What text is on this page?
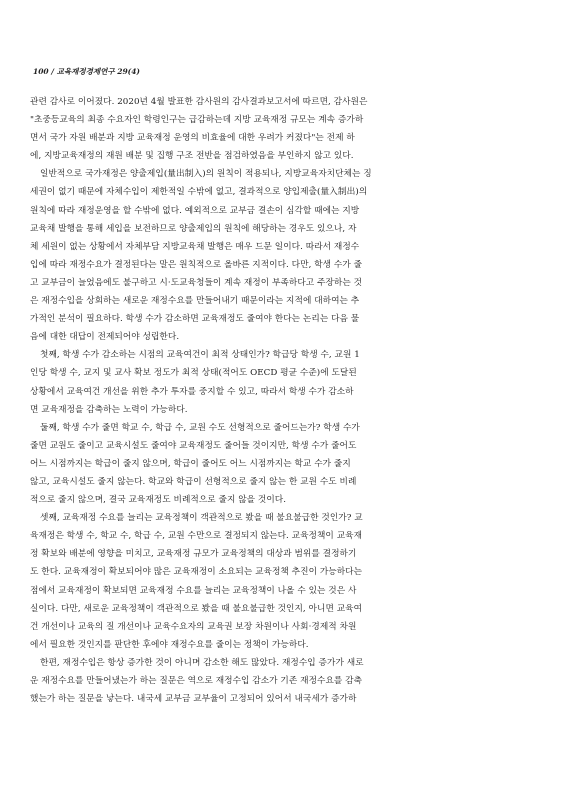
100 / 교육재정경제연구 29(4)
관련 감사로 이어졌다. 2020년 4월 발표한 감사원의 감사결과보고서에 따르면, 감사원은
"초중등교육의 최종 수요자인 학령인구는 급감하는데 지방 교육재정 규모는 계속 증가하
면서 국가 자원 배분과 지방 교육재정 운영의 비효율에 대한 우려가 커졌다"는 전제 하
에, 지방교육재정의 재원 배분 및 집행 구조 전반을 점검하였음을 부인하지 않고 있다.
일반적으로 국가재정은 양출제입(量出制入)의 원칙이 적용되나, 지방교육자치단체는 징
세권이 없기 때문에 자체수입이 제한적일 수밖에 없고, 결과적으로 양입제출(量入制出)의
원칙에 따라 재정운영을 할 수밖에 없다. 예외적으로 교부금 결손이 심각할 때에는 지방
교육채 발행을 통해 세입을 보전하므로 양출제입의 원칙에 해당하는 경우도 있으나, 자
체 세원이 없는 상황에서 자체부담 지방교육채 발행은 매우 드문 일이다. 따라서 재정수
입에 따라 재정수요가 결정된다는 말은 원칙적으로 올바른 지적이다. 다만, 학생 수가 줄
고 교부금이 늘었음에도 불구하고 시·도교육청들이 계속 재정이 부족하다고 주장하는 것
은 재정수입을 상회하는 새로운 재정수요를 만들어내기 때문이라는 지적에 대하여는 추
가적인 분석이 필요하다. 학생 수가 감소하면 교육재정도 줄여야 한다는 논리는 다음 물
음에 대한 대답이 전제되어야 성립한다.
첫째, 학생 수가 감소하는 시점의 교육여건이 최적 상태인가? 학급당 학생 수, 교원 1
인당 학생 수, 교지 및 교사 확보 정도가 최적 상태(적어도 OECD 평균 수준)에 도달된
상황에서 교육여건 개선을 위한 추가 투자를 중지할 수 있고, 따라서 학생 수가 감소하
면 교육재정을 감축하는 노력이 가능하다.
둘째, 학생 수가 줄면 학교 수, 학급 수, 교원 수도 선형적으로 줄어드는가? 학생 수가
줄면 교원도 줄이고 교육시설도 줄여야 교육재정도 줄어들 것이지만, 학생 수가 줄어도
어느 시점까지는 학급이 줄지 않으며, 학급이 줄어도 어느 시점까지는 학교 수가 줄지
않고, 교육시설도 줄지 않는다. 학교와 학급이 선형적으로 줄지 않는 한 교원 수도 비례
적으로 줄지 않으며, 결국 교육재정도 비례적으로 줄지 않을 것이다.
셋째, 교육재정 수요를 늘리는 교육정책이 객관적으로 봤을 때 불요불급한 것인가? 교
육재정은 학생 수, 학교 수, 학급 수, 교원 수만으로 결정되지 않는다. 교육정책이 교육재
정 확보와 배분에 영향을 미치고, 교육재정 규모가 교육정책의 대상과 범위를 결정하기
도 한다. 교육재정이 확보되어야 많은 교육재정이 소요되는 교육정책 추진이 가능하다는
점에서 교육재정이 확보되면 교육재정 수요를 늘리는 교육정책이 나올 수 있는 것은 사
실이다. 다만, 새로운 교육정책이 객관적으로 봤을 때 불요불급한 것인지, 아니면 교육여
건 개선이나 교육의 질 개선이나 교육수요자의 교육권 보장 차원이나 사회·경제적 차원
에서 필요한 것인지를 판단한 후에야 재정수요를 줄이는 정책이 가능하다.
한편, 재정수입은 항상 증가한 것이 아니며 감소한 해도 많았다. 재정수입 증가가 새로
운 재정수요를 만들어냈는가 하는 질문은 역으로 재정수입 감소가 기존 재정수요를 감축
했는가 하는 질문을 낳는다. 내국세 교부금 교부율이 고정되어 있어서 내국세가 증가하
